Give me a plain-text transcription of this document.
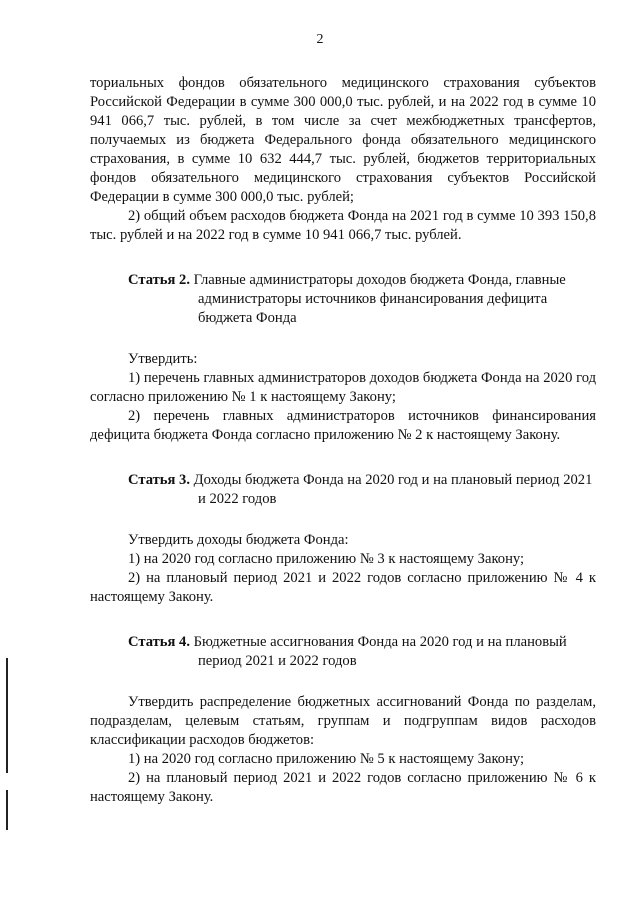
2

ториальных фондов обязательного медицинского страхования субъектов Российской Федерации в сумме 300 000,0 тыс. рублей, и на 2022 год в сумме 10 941 066,7 тыс. рублей, в том числе за счет межбюджетных трансфертов, получаемых из бюджета Федерального фонда обязательного медицинского страхования, в сумме 10 632 444,7 тыс. рублей, бюджетов территориальных фондов обязательного медицинского страхования субъектов Российской Федерации в сумме 300 000,0 тыс. рублей;

2) общий объем расходов бюджета Фонда на 2021 год в сумме 10 393 150,8 тыс. рублей и на 2022 год в сумме 10 941 066,7 тыс. рублей.

Статья 2. Главные администраторы доходов бюджета Фонда, главные администраторы источников финансирования дефицита бюджета Фонда

Утвердить:

1) перечень главных администраторов доходов бюджета Фонда на 2020 год согласно приложению № 1 к настоящему Закону;

2) перечень главных администраторов источников финансирования дефицита бюджета Фонда согласно приложению № 2 к настоящему Закону.

Статья 3. Доходы бюджета Фонда на 2020 год и на плановый период 2021 и 2022 годов

Утвердить доходы бюджета Фонда:

1) на 2020 год согласно приложению № 3 к настоящему Закону;

2) на плановый период 2021 и 2022 годов согласно приложению № 4 к настоящему Закону.

Статья 4. Бюджетные ассигнования Фонда на 2020 год и на плановый период 2021 и 2022 годов

Утвердить распределение бюджетных ассигнований Фонда по разделам, подразделам, целевым статьям, группам и подгруппам видов расходов классификации расходов бюджетов:

1) на 2020 год согласно приложению № 5 к настоящему Закону;

2) на плановый период 2021 и 2022 годов согласно приложению № 6 к настоящему Закону.
